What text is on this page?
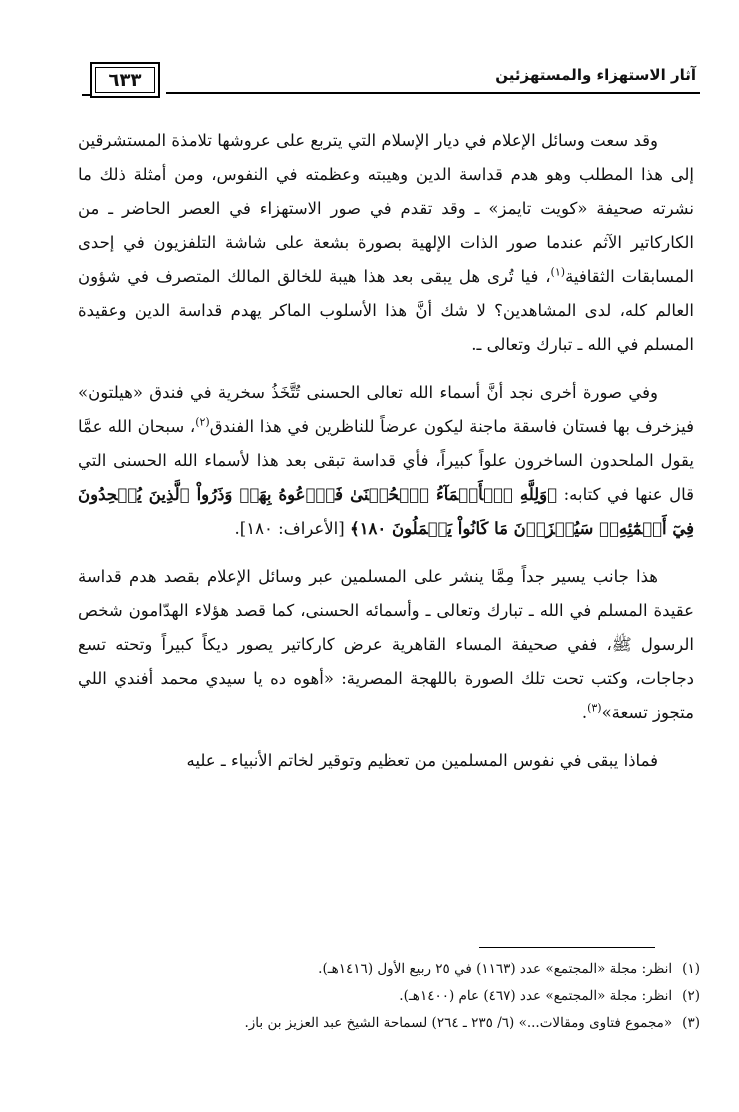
آثار الاستهزاء والمستهزئين
٦٣٣

وقد سعت وسائل الإعلام في ديار الإسلام التي يتربع على عروشها تلامذة المستشرقين إلى هذا المطلب وهو هدم قداسة الدين وهيبته وعظمته في النفوس، ومن أمثلة ذلك ما نشرته صحيفة «كويت تايمز» ـ وقد تقدم في صور الاستهزاء في العصر الحاضر ـ من الكاركاتير الآثم عندما صور الذات الإلهية بصورة بشعة على شاشة التلفزيون في إحدى المسابقات الثقافية$^{(١)}$، فيا تُرى هل يبقى بعد هذا هيبة للخالق المالك المتصرف في شؤون العالم كله، لدى المشاهدين؟ لا شك أنَّ هذا الأسلوب الماكر يهدم قداسة الدين وعقيدة المسلم في الله ـ تبارك وتعالى ـ.

وفي صورة أخرى نجد أنَّ أسماء الله تعالى الحسنى تُتَّخَذُ سخرية في فندق «هيلتون» فيزخرف بها فستان فاسقة ماجنة ليكون عرضاً للناظرين في هذا الفندق$^{(٢)}$، سبحان الله عمَّا يقول الملحدون الساخرون علواً كبيراً، فأي قداسة تبقى بعد هذا لأسماء الله الحسنى التي قال عنها في كتابه: ﴿وَلِلَّهِ ٱلۡأَسۡمَآءُ ٱلۡحُسۡنَىٰ فَٱدۡعُوهُ بِهَاۖ وَذَرُواْ ٱلَّذِينَ يُلۡحِدُونَ فِيٓ أَسۡمَٰٓئِهِۦۚ سَيُجۡزَوۡنَ مَا كَانُواْ يَعۡمَلُونَ ١٨٠﴾ [الأعراف: ١٨٠].

هذا جانب يسير جداً مِمَّا ينشر على المسلمين عبر وسائل الإعلام بقصد هدم قداسة عقيدة المسلم في الله ـ تبارك وتعالى ـ وأسمائه الحسنى، كما قصد هؤلاء الهدّامون شخص الرسول ﷺ، ففي صحيفة المساء القاهرية عرض كاركاتير يصور ديكاً كبيراً وتحته تسع دجاجات، وكتب تحت تلك الصورة باللهجة المصرية: «أهوه ده يا سيدي محمد أفندي اللي متجوز تسعة»$^{(٣)}$.

فماذا يبقى في نفوس المسلمين من تعظيم وتوقير لخاتم الأنبياء ـ عليه

(١)انظر: مجلة «المجتمع» عدد (١١٦٣) في ٢٥ ربيع الأول (١٤١٦هـ).
(٢)انظر: مجلة «المجتمع» عدد (٤٦٧) عام (١٤٠٠هـ).
(٣)«مجموع فتاوى ومقالات...» (٦/ ٢٣٥ ـ ٢٦٤) لسماحة الشيخ عبد العزيز بن باز.
